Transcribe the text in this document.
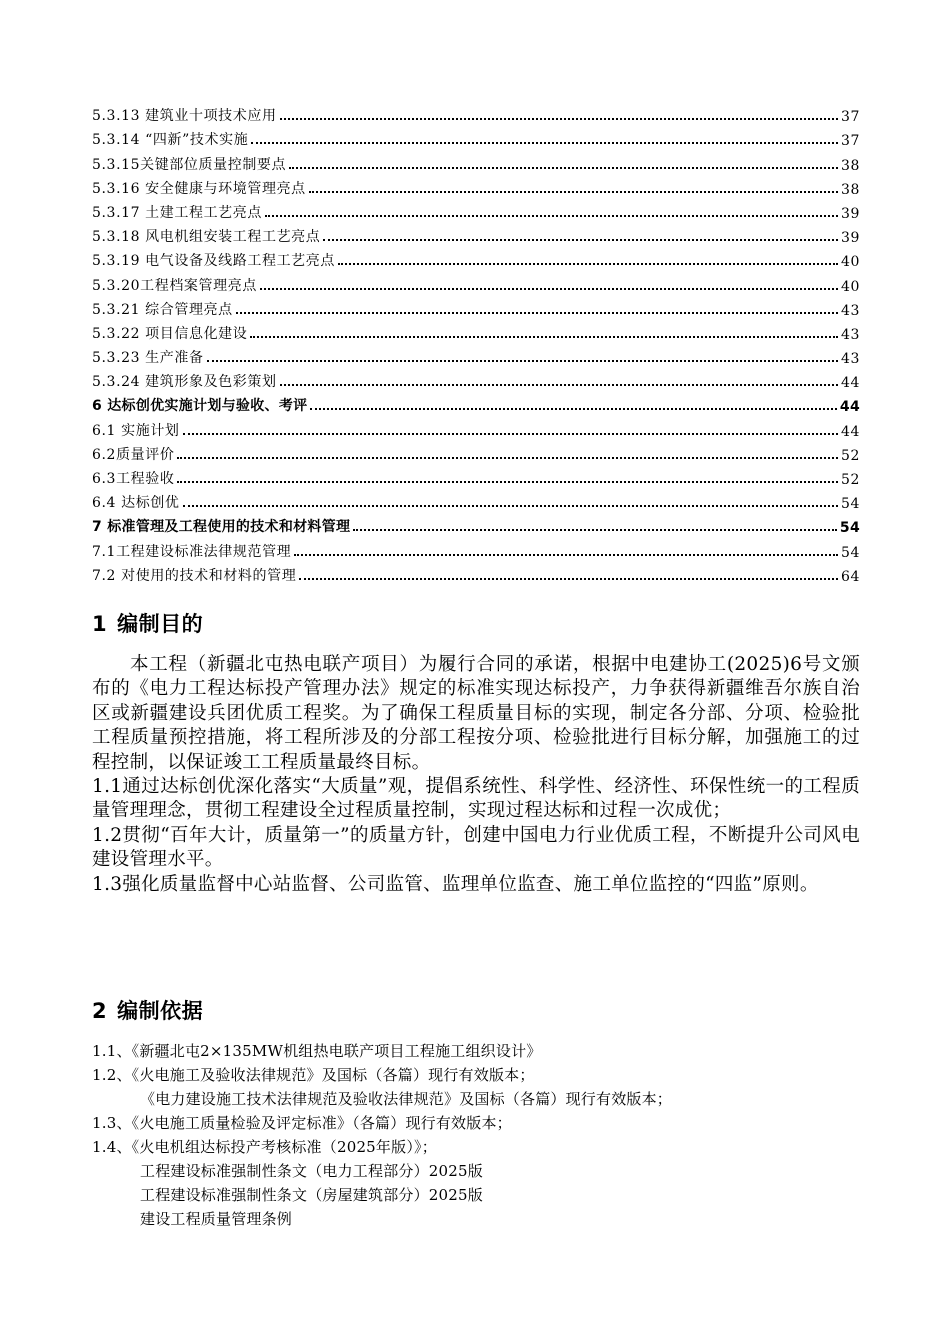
5.3.13 建筑业十项技术应用	37
5.3.14 “四新”技术实施	37
5.3.15关键部位质量控制要点	38
5.3.16 安全健康与环境管理亮点	38
5.3.17 土建工程工艺亮点	39
5.3.18 风电机组安装工程工艺亮点	39
5.3.19 电气设备及线路工程工艺亮点	40
5.3.20工程档案管理亮点	40
5.3.21 综合管理亮点	43
5.3.22 项目信息化建设	43
5.3.23 生产准备	43
5.3.24 建筑形象及色彩策划	44
6 达标创优实施计划与验收、考评	44
6.1 实施计划	44
6.2质量评价	52
6.3工程验收	52
6.4 达标创优	54
7 标准管理及工程使用的技术和材料管理	54
7.1工程建设标准法律规范管理	54
7.2 对使用的技术和材料的管理	64
1 编制目的

本工程（新疆北屯热电联产项目）为履行合同的承诺，根据中电建协工(2025)6号文颁布的《电力工程达标投产管理办法》规定的标准实现达标投产，力争获得新疆维吾尔族自治区或新疆建设兵团优质工程奖。为了确保工程质量目标的实现，制定各分部、分项、检验批工程质量预控措施，将工程所涉及的分部工程按分项、检验批进行目标分解，加强施工的过程控制，以保证竣工工程质量最终目标。

1.1通过达标创优深化落实“大质量”观，提倡系统性、科学性、经济性、环保性统一的工程质量管理理念，贯彻工程建设全过程质量控制，实现过程达标和过程一次成优；

1.2贯彻“百年大计，质量第一”的质量方针，创建中国电力行业优质工程，不断提升公司风电建设管理水平。

1.3强化质量监督中心站监督、公司监管、监理单位监查、施工单位监控的“四监”原则。

2 编制依据
1.1、《新疆北屯2×135MW机组热电联产项目工程施工组织设计》
1.2、《火电施工及验收法律规范》及国标（各篇）现行有效版本；
《电力建设施工技术法律规范及验收法律规范》及国标（各篇）现行有效版本；
1.3、《火电施工质量检验及评定标准》（各篇）现行有效版本；
1.4、《火电机组达标投产考核标准（2025年版）》；
工程建设标准强制性条文（电力工程部分）2025版
工程建设标准强制性条文（房屋建筑部分）2025版
建设工程质量管理条例
